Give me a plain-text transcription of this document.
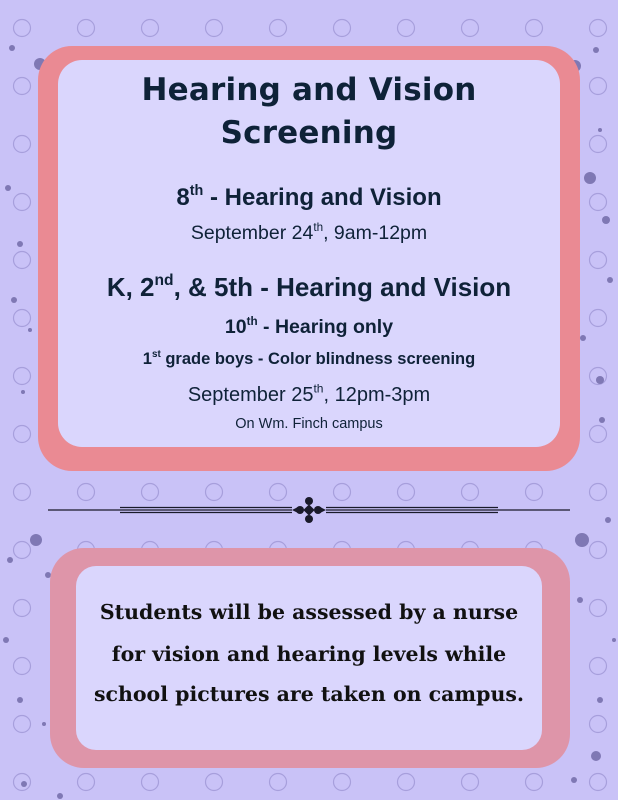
Hearing and Vision
Screening
8th - Hearing and Vision
September 24th, 9am-12pm
K, 2nd, & 5th - Hearing and Vision
10th - Hearing only
1st grade boys - Color blindness screening
September 25th, 12pm-3pm
On Wm. Finch campus
Students will be assessed by a nurse
for vision and hearing levels while
school pictures are taken on campus.
